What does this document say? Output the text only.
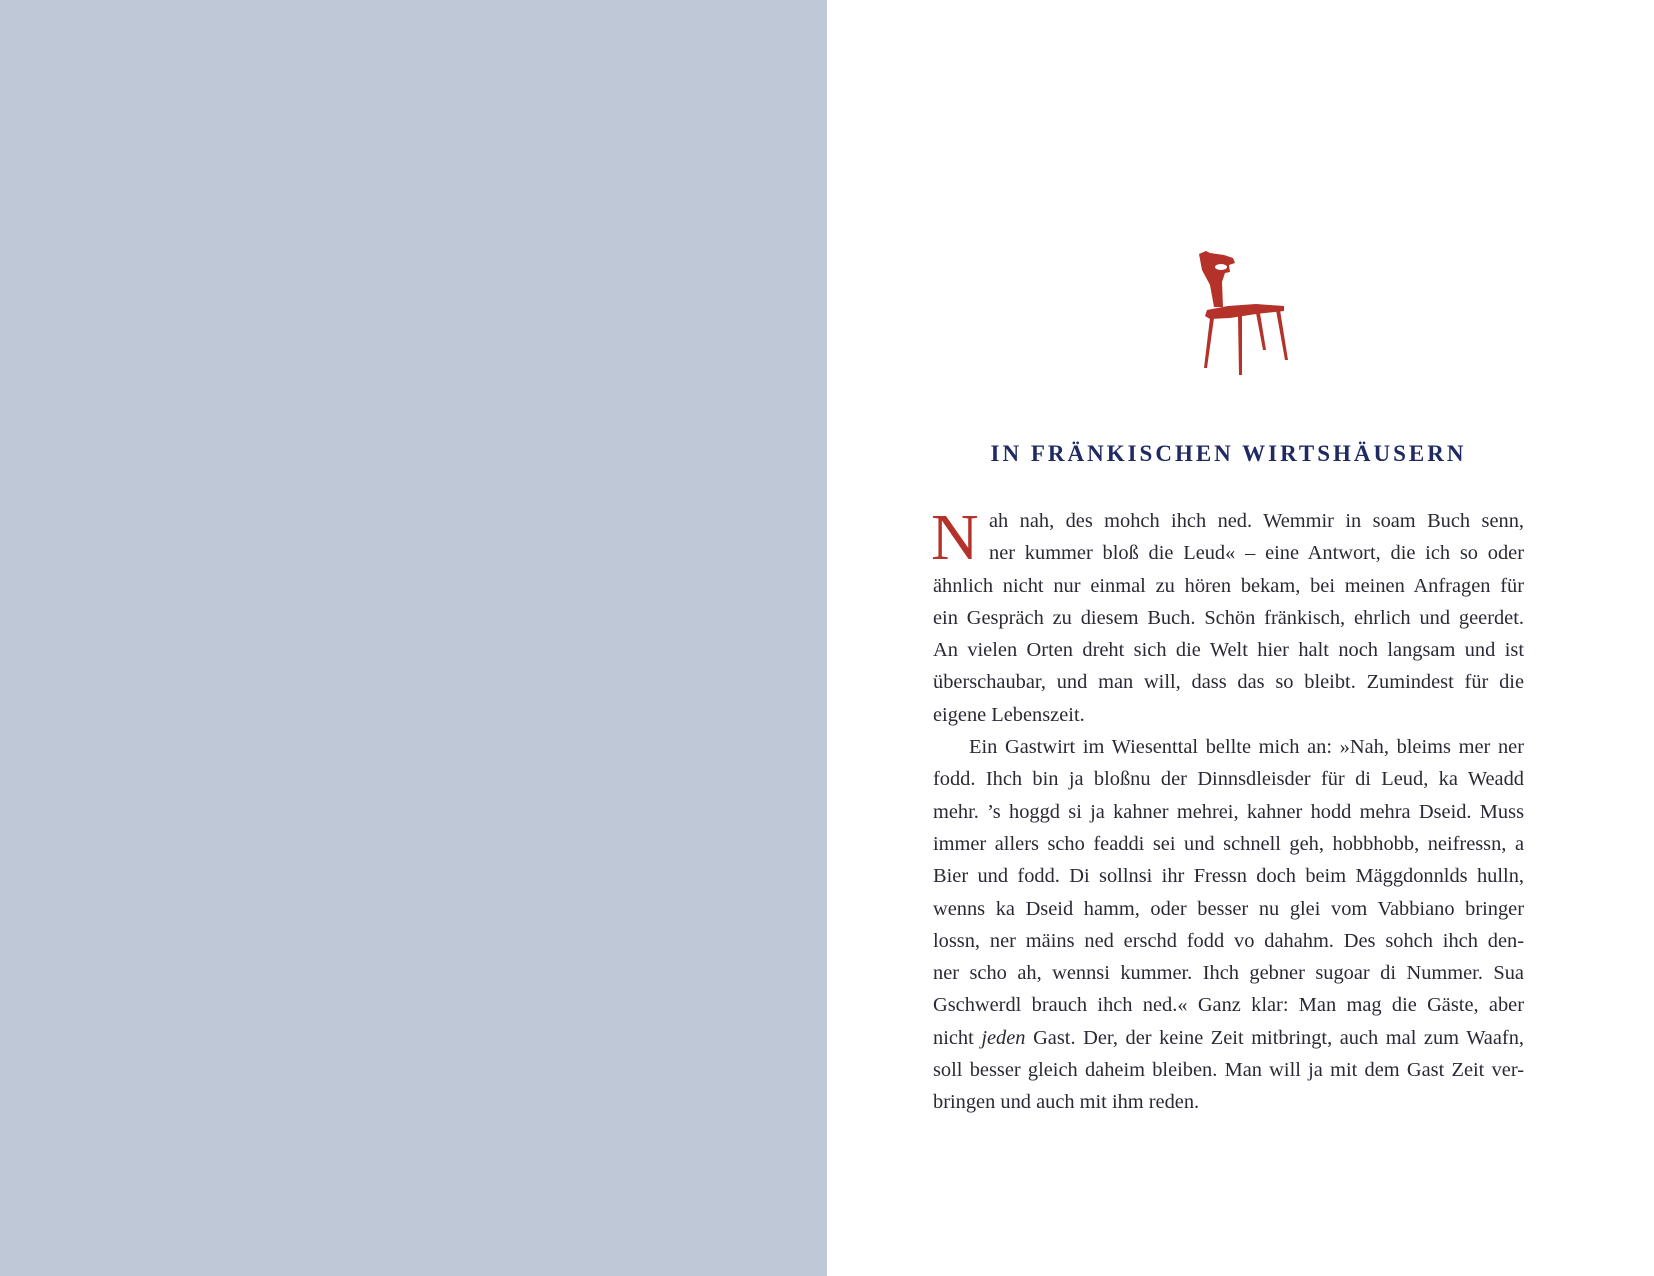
IN FRÄNKISCHEN WIRTSHÄUSERN
N ah nah, des mohch ihch ned. Wemmir in soam Buch senn,
ner kummer bloß die Leud« – eine Antwort, die ich so oder
ähnlich nicht nur einmal zu hören bekam, bei meinen Anfragen für
ein Gespräch zu diesem Buch. Schön fränkisch, ehrlich und geerdet.
An vielen Orten dreht sich die Welt hier halt noch langsam und ist
überschaubar, und man will, dass das so bleibt. Zumindest für die
eigene Lebenszeit.
Ein Gastwirt im Wiesenttal bellte mich an: »Nah, bleims mer ner
fodd. Ihch bin ja bloßnu der Dinnsdleisder für di Leud, ka Weadd
mehr. ’s hoggd si ja kahner mehrei, kahner hodd mehra Dseid. Muss
immer allers scho feaddi sei und schnell geh, hobbhobb, neifressn, a
Bier und fodd. Di sollnsi ihr Fressn doch beim Mäggdonnlds hulln,
wenns ka Dseid hamm, oder besser nu glei vom Vabbiano bringer
lossn, ner mäins ned erschd fodd vo dahahm. Des sohch ihch den-
ner scho ah, wennsi kummer. Ihch gebner sugoar di Nummer. Sua
Gschwerdl brauch ihch ned.« Ganz klar: Man mag die Gäste, aber
nicht jeden Gast. Der, der keine Zeit mitbringt, auch mal zum Waafn,
soll besser gleich daheim bleiben. Man will ja mit dem Gast Zeit ver-
bringen und auch mit ihm reden.
